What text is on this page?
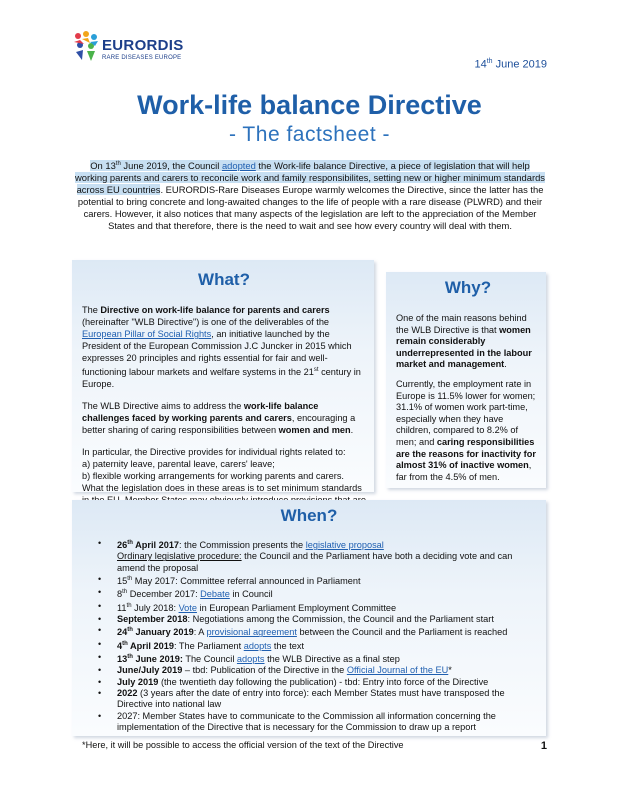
EURORDIS
RARE DISEASES EUROPE
14th June 2019
Work-life balance Directive
- The factsheet -
On 13th June 2019, the Council adopted the Work-life balance Directive, a piece of legislation that will help working parents and carers to reconcile work and family responsibilites, setting new or higher minimum standards across EU countries. EURORDIS-Rare Diseases Europe warmly welcomes the Directive, since the latter has the potential to bring concrete and long-awaited changes to the life of people with a rare disease (PLWRD) and their carers. However, it also notices that many aspects of the legislation are left to the appreciation of the Member States and that therefore, there is the need to wait and see how every country will deal with them.
What?

The Directive on work-life balance for parents and carers (hereinafter "WLB Directive") is one of the deliverables of the European Pillar of Social Rights, an initiative launched by the President of the European Commission J.C Juncker in 2015 which expresses 20 principles and rights essential for fair and well-functioning labour markets and welfare systems in the 21st century in Europe.

The WLB Directive aims to address the work-life balance challenges faced by working parents and carers, encouraging a better sharing of caring responsibilities between women and men.

In particular, the Directive provides for individual rights related to:

a) paternity leave, parental leave, carers' leave;

b) flexible working arrangements for working parents and carers.

What the legislation does in these areas is to set minimum standards

Why?

One of the main reasons behind the WLB Directive is that women remain considerably underrepresented in the labour market and management.

Currently, the employment rate in Europe is 11.5% lower for women; 31.1% of women work part-time, especially when they have children, compared to 8.2% of men; and caring responsibilities are the reasons for inactivity for almost 31% of inactive women, far from the 4.5% of men.

When?
• 26th April 2017: the Commission presents the legislative proposal
Ordinary legislative procedure: the Council and the Parliament have both a deciding vote and can amend the proposal
• 15th May 2017: Committee referral announced in Parliament
• 8th December 2017: Debate in Council
• 11th July 2018: Vote in European Parliament Employment Committee
• September 2018: Negotiations among the Commission, the Council and the Parliament start
• 24th January 2019: A provisional agreement between the Council and the Parliament is reached
• 4th April 2019: The Parliament adopts the text
• 13th June 2019: The Council adopts the WLB Directive as a final step
• June/July 2019 – tbd: Publication of the Directive in the Official Journal of the EU*
• July 2019 (the twentieth day following the publication) - tbd: Entry into force of the Directive
• 2022 (3 years after the date of entry into force): each Member States must have transposed the Directive into national law
• 2027: Member States have to communicate to the Commission all information concerning the implementation of the Directive that is necessary for the Commission to draw up a report

*Here, it will be possible to access the official version of the text of the Directive	1
